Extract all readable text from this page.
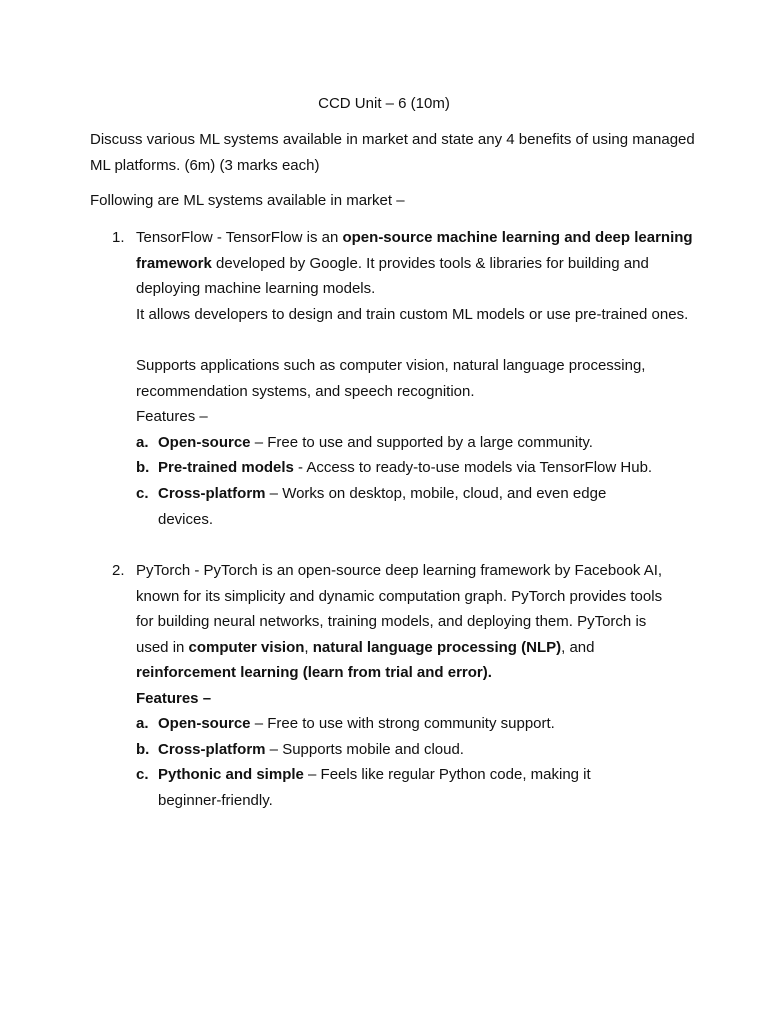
CCD Unit – 6 (10m)
Discuss various ML systems available in market and state any 4 benefits of using managed ML platforms. (6m) (3 marks each)
Following are ML systems available in market –
1. TensorFlow - TensorFlow is an open-source machine learning and deep learning framework developed by Google. It provides tools & libraries for building and deploying machine learning models.
It allows developers to design and train custom ML models or use pre-trained ones.
Supports applications such as computer vision, natural language processing, recommendation systems, and speech recognition.
Features –
a. Open-source – Free to use and supported by a large community.
b. Pre-trained models - Access to ready-to-use models via TensorFlow Hub.
c. Cross-platform – Works on desktop, mobile, cloud, and even edge devices.
2. PyTorch - PyTorch is an open-source deep learning framework by Facebook AI, known for its simplicity and dynamic computation graph. PyTorch provides tools for building neural networks, training models, and deploying them. PyTorch is used in computer vision, natural language processing (NLP), and reinforcement learning (learn from trial and error).
Features –
a. Open-source – Free to use with strong community support.
b. Cross-platform – Supports mobile and cloud.
c. Pythonic and simple – Feels like regular Python code, making it beginner-friendly.
